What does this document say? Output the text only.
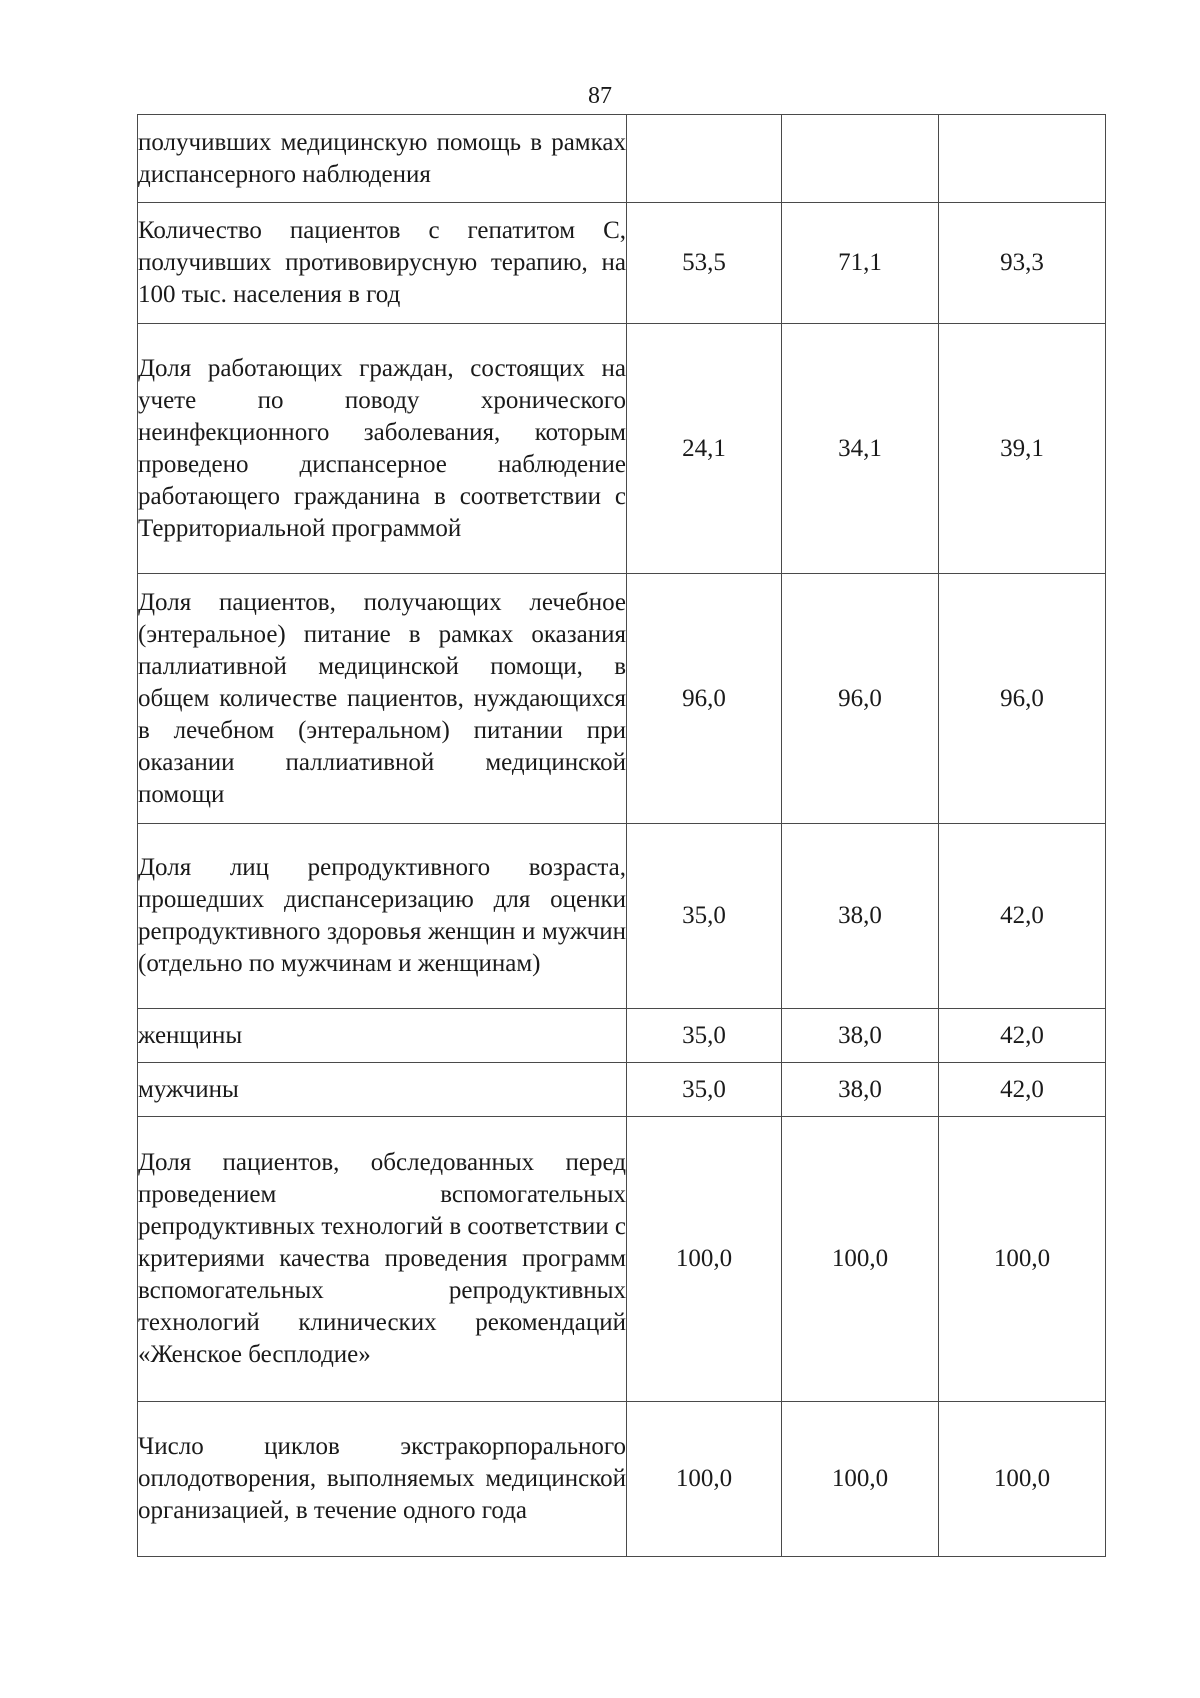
87
получивших медицинскую помощь в рамках диспансерного наблюдения			
Количество пациентов с гепатитом С, получивших противовирусную терапию, на 100 тыс. населения в год	53,5	71,1	93,3
Доля работающих граждан, состоящих на учете по поводу хронического неинфекционного заболевания, которым проведено диспансерное наблюдение работающего гражданина в соответствии с Территориальной программой	24,1	34,1	39,1
Доля пациентов, получающих лечебное (энтеральное) питание в рамках оказания паллиативной медицинской помощи, в общем количестве пациентов, нуждающихся в лечебном (энтеральном) питании при оказании паллиативной медицинской помощи	96,0	96,0	96,0
Доля лиц репродуктивного возраста, прошедших диспансеризацию для оценки репродуктивного здоровья женщин и мужчин (отдельно по мужчинам и женщинам)	35,0	38,0	42,0
женщины	35,0	38,0	42,0
мужчины	35,0	38,0	42,0
Доля пациентов, обследованных перед проведением вспомогательных репродуктивных технологий в соответствии с критериями качества проведения программ вспомогательных репродуктивных технологий клинических рекомендаций «Женское бесплодие»	100,0	100,0	100,0
Число циклов экстракорпорального оплодотворения, выполняемых медицинской организацией, в течение одного года	100,0	100,0	100,0
